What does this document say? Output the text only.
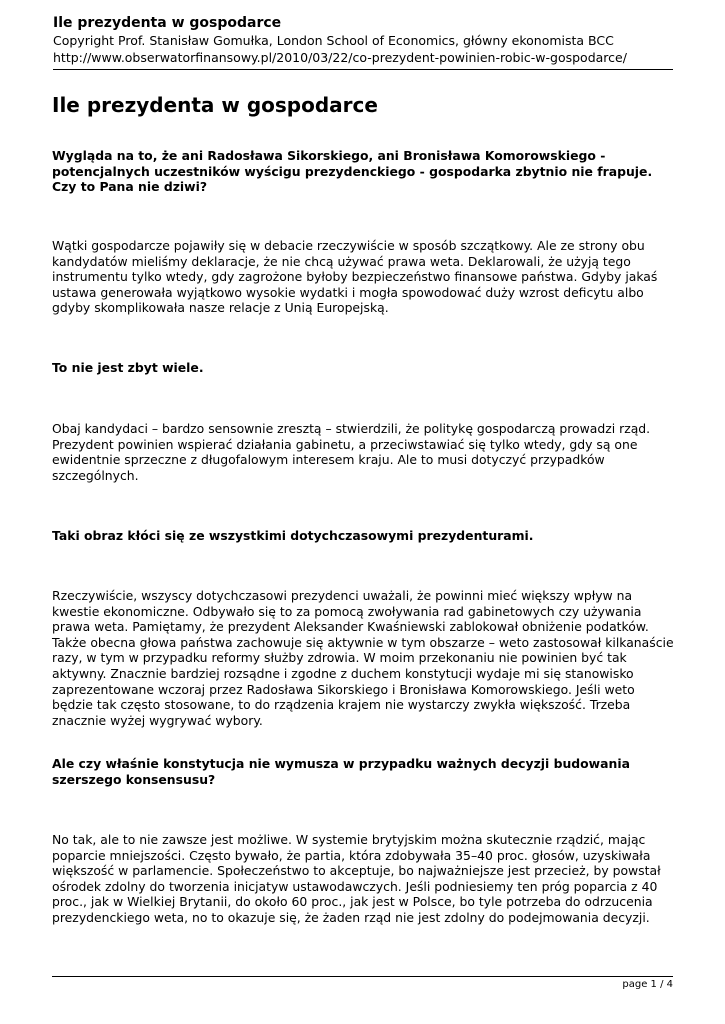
Ile prezydenta w gospodarce
Copyright Prof. Stanisław Gomułka, London School of Economics, główny ekonomista BCC
http://www.obserwatorfinansowy.pl/2010/03/22/co-prezydent-powinien-robic-w-gospodarce/
Ile prezydenta w gospodarce

Wygląda na to, że ani Radosława Sikorskiego, ani Bronisława Komorowskiego - potencjalnych uczestników wyścigu prezydenckiego - gospodarka zbytnio nie frapuje. Czy to Pana nie dziwi?

Wątki gospodarcze pojawiły się w debacie rzeczywiście w sposób szczątkowy. Ale ze strony obu kandydatów mieliśmy deklaracje, że nie chcą używać prawa weta. Deklarowali, że użyją tego instrumentu tylko wtedy, gdy zagrożone byłoby bezpieczeństwo finansowe państwa. Gdyby jakaś ustawa generowała wyjątkowo wysokie wydatki i mogła spowodować duży wzrost deficytu albo gdyby skomplikowała nasze relacje z Unią Europejską.

To nie jest zbyt wiele.

Obaj kandydaci – bardzo sensownie zresztą – stwierdzili, że politykę gospodarczą prowadzi rząd. Prezydent powinien wspierać działania gabinetu, a przeciwstawiać się tylko wtedy, gdy są one ewidentnie sprzeczne z długofalowym interesem kraju. Ale to musi dotyczyć przypadków szczególnych.

Taki obraz kłóci się ze wszystkimi dotychczasowymi prezydenturami.

Rzeczywiście, wszyscy dotychczasowi prezydenci uważali, że powinni mieć większy wpływ na kwestie ekonomiczne. Odbywało się to za pomocą zwoływania rad gabinetowych czy używania prawa weta. Pamiętamy, że prezydent Aleksander Kwaśniewski zablokował obniżenie podatków. Także obecna głowa państwa zachowuje się aktywnie w tym obszarze – weto zastosował kilkanaście razy, w tym w przypadku reformy służby zdrowia. W moim przekonaniu nie powinien być tak aktywny. Znacznie bardziej rozsądne i zgodne z duchem konstytucji wydaje mi się stanowisko zaprezentowane wczoraj przez Radosława Sikorskiego i Bronisława Komorowskiego. Jeśli weto będzie tak często stosowane, to do rządzenia krajem nie wystarczy zwykła większość. Trzeba znacznie wyżej wygrywać wybory.

Ale czy właśnie konstytucja nie wymusza w przypadku ważnych decyzji budowania szerszego konsensusu?

No tak, ale to nie zawsze jest możliwe. W systemie brytyjskim można skutecznie rządzić, mając poparcie mniejszości. Często bywało, że partia, która zdobywała 35–40 proc. głosów, uzyskiwała większość w parlamencie. Społeczeństwo to akceptuje, bo najważniejsze jest przecież, by powstał ośrodek zdolny do tworzenia inicjatyw ustawodawczych. Jeśli podniesiemy ten próg poparcia z 40 proc., jak w Wielkiej Brytanii, do około 60 proc., jak jest w Polsce, bo tyle potrzeba do odrzucenia prezydenckiego weta, no to okazuje się, że żaden rząd nie jest zdolny do podejmowania decyzji.

page 1 / 4
